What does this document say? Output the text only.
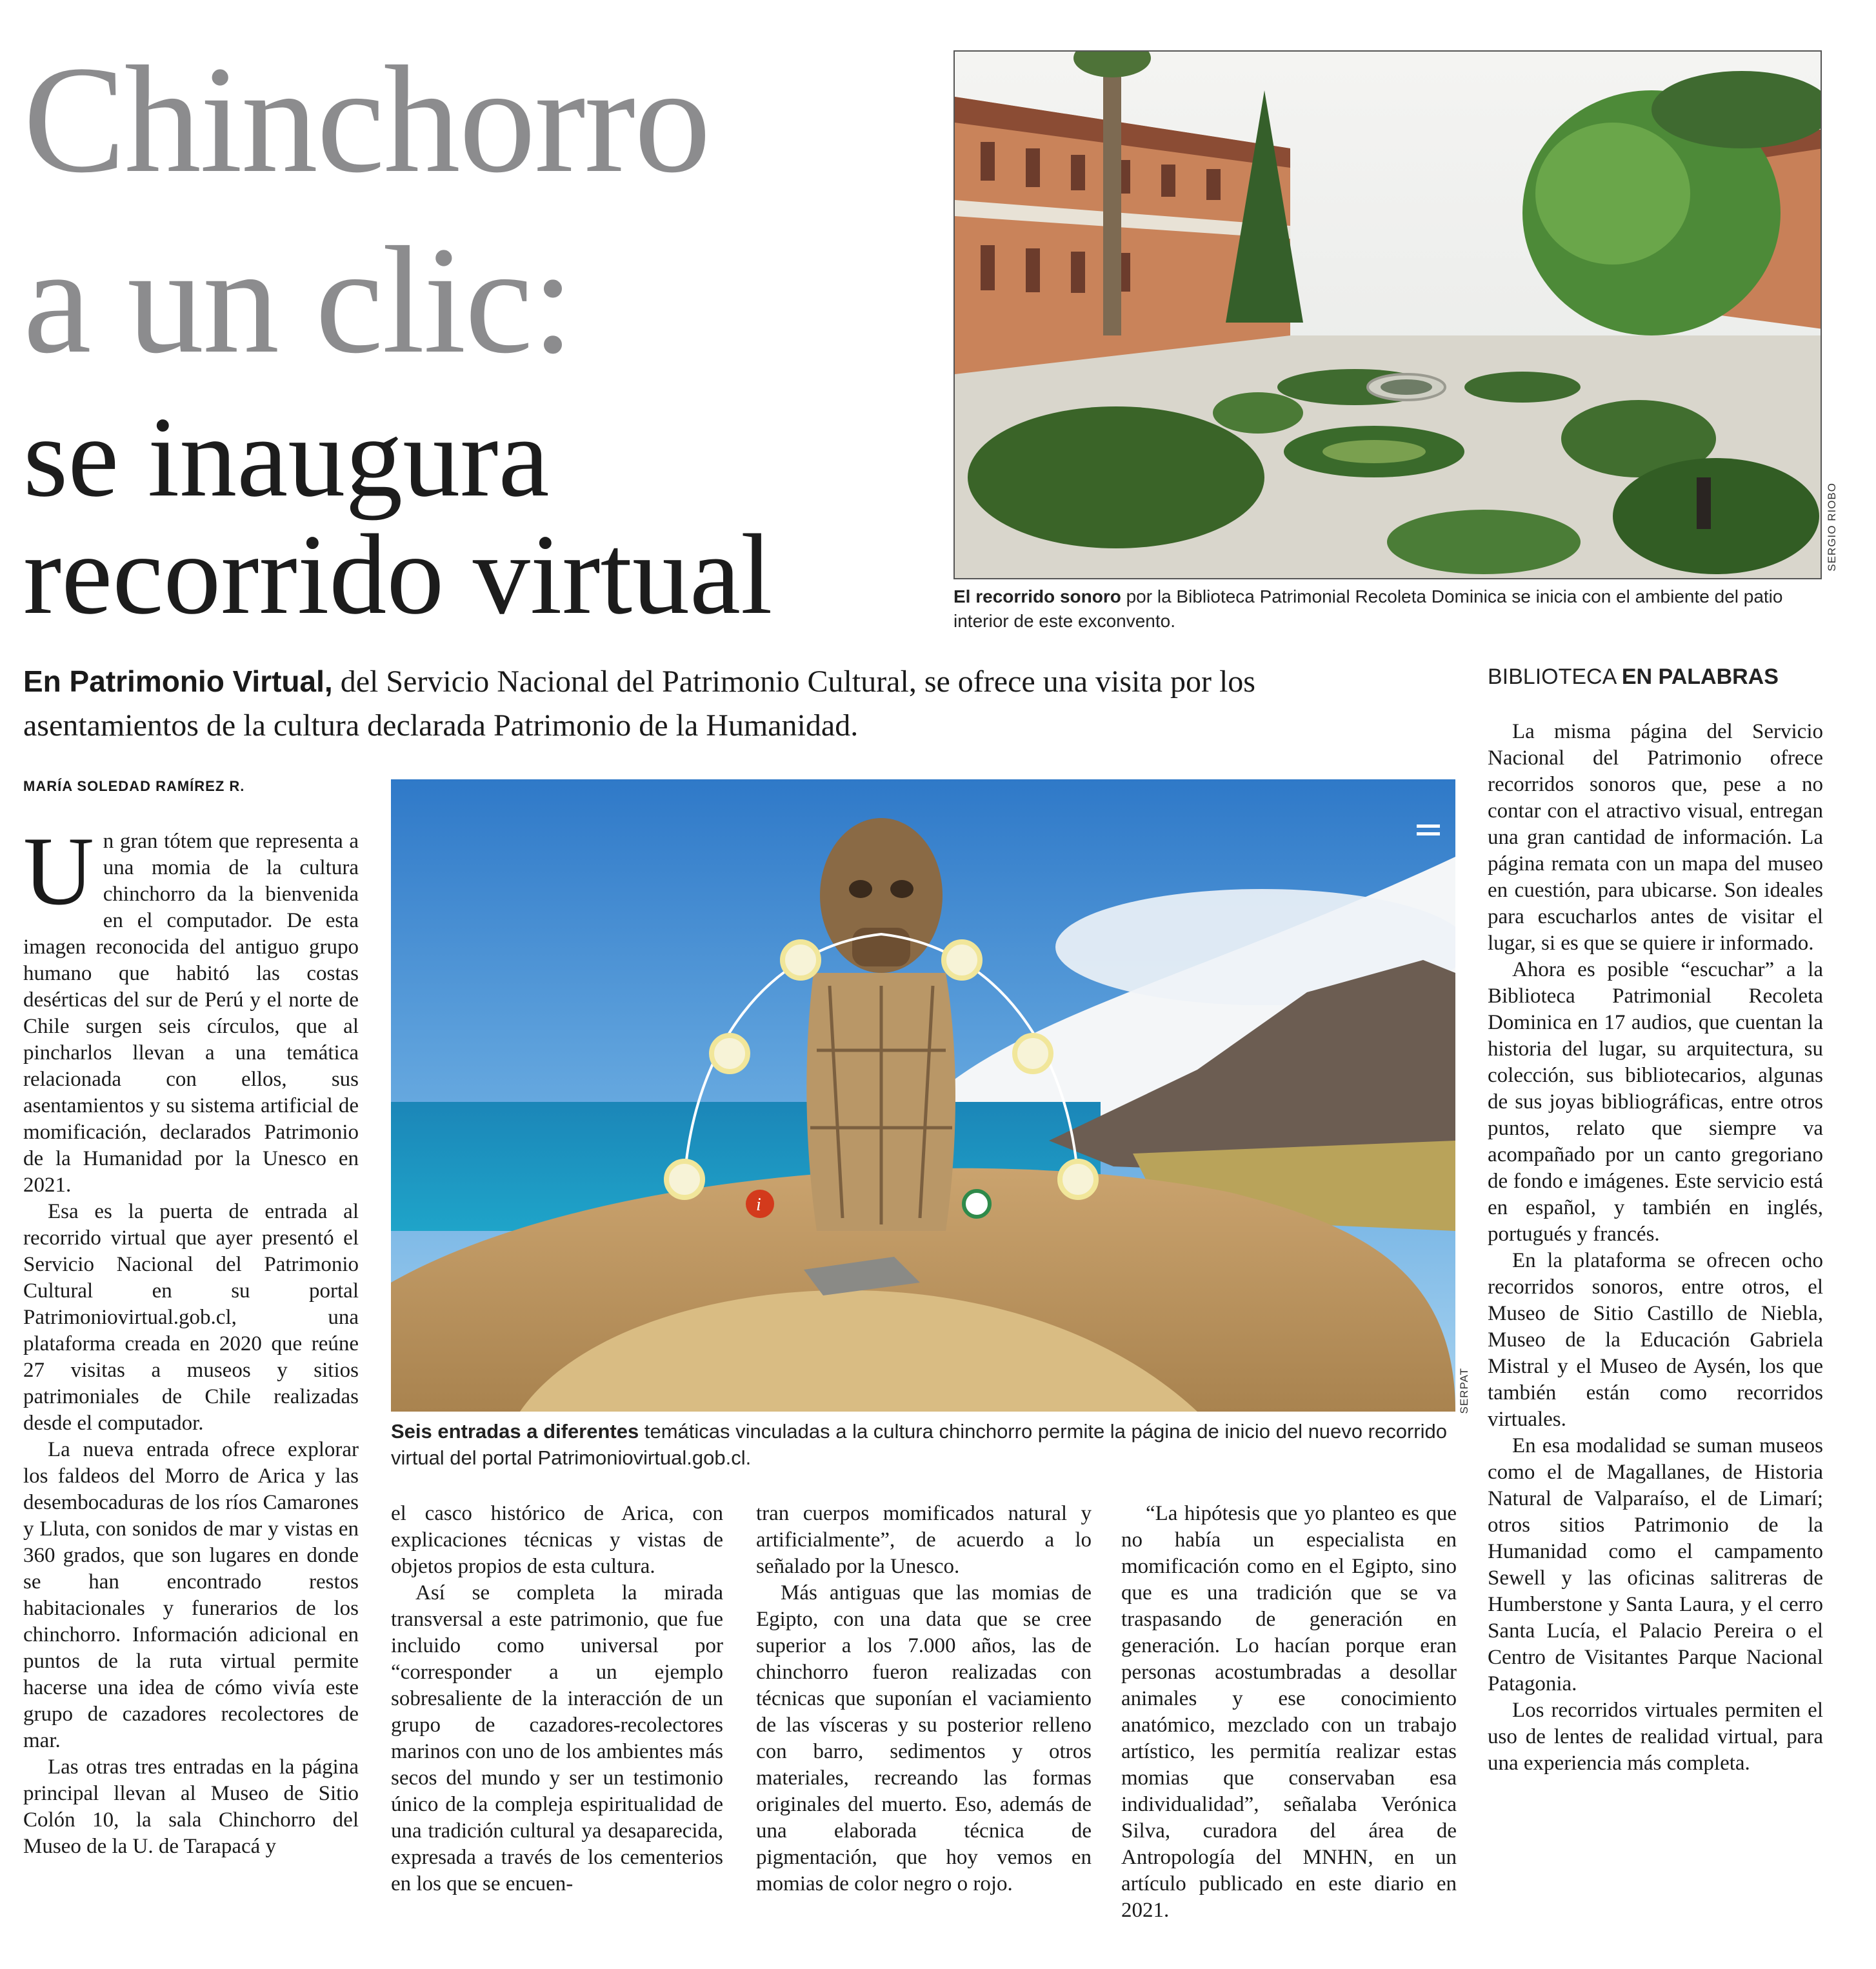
Chinchorro
a un clic:
se inaugura
recorrido virtual	SERGIO RIOBO
El recorrido sonoro por la Biblioteca Patrimonial Recoleta Dominica se inicia con el ambiente del patio interior de este exconvento.
En Patrimonio Virtual, del Servicio Nacional del Patrimonio Cultural, se ofrece una visita por los asentamientos de la cultura declarada Patrimonio de la Humanidad.
MARÍA SOLEDAD RAMÍREZ R.
i
SERPAT
Seis entradas a diferentes temáticas vinculadas a la cultura chinchorro permite la página de inicio del nuevo recorrido virtual del portal Patrimoniovirtual.gob.cl.

Un gran tótem que representa a una momia de la cultura chinchorro da la bienvenida en el computador. De esta imagen reconocida del antiguo grupo humano que habitó las costas desérticas del sur de Perú y el norte de Chile surgen seis círculos, que al pincharlos llevan a una temática relacionada con ellos, sus asentamientos y su sistema artificial de momificación, declarados Patrimonio de la Humanidad por la Unesco en 2021.

Esa es la puerta de entrada al recorrido virtual que ayer presentó el Servicio Nacional del Patrimonio Cultural en su portal Patrimoniovirtual.gob.cl, una plataforma creada en 2020 que reúne 27 visitas a museos y sitios patrimoniales de Chile realizadas desde el computador.

La nueva entrada ofrece explorar los faldeos del Morro de Arica y las desembocaduras de los ríos Camarones y Lluta, con sonidos de mar y vistas en 360 grados, que son lugares en donde se han encontrado restos habitacionales y funerarios de los chinchorro. Información adicional en puntos de la ruta virtual permite hacerse una idea de cómo vivía este grupo de cazadores recolectores de mar.

Las otras tres entradas en la página principal llevan al Museo de Sitio Colón 10, la sala Chinchorro del Museo de la U. de Tarapacá y

el casco histórico de Arica, con explicaciones técnicas y vistas de objetos propios de esta cultura.

Así se completa la mirada transversal a este patrimonio, que fue incluido como universal por “corresponder a un ejemplo sobresaliente de la interacción de un grupo de cazadores-recolectores marinos con uno de los ambientes más secos del mundo y ser un testimonio único de la compleja espiritualidad de una tradición cultural ya desaparecida, expresada a través de los cementerios en los que se encuen-

tran cuerpos momificados natural y artificialmente”, de acuerdo a lo señalado por la Unesco.

Más antiguas que las momias de Egipto, con una data que se cree superior a los 7.000 años, las de chinchorro fueron realizadas con técnicas que suponían el vaciamiento de las vísceras y su posterior relleno con barro, sedimentos y otros materiales, recreando las formas originales del muerto. Eso, además de una elaborada técnica de pigmentación, que hoy vemos en momias de color negro o rojo.

“La hipótesis que yo planteo es que no había un especialista en momificación como en el Egipto, sino que es una tradición que se va traspasando de generación en generación. Lo hacían porque eran personas acostumbradas a desollar animales y ese conocimiento anatómico, mezclado con un trabajo artístico, les permitía realizar estas momias que conservaban esa individualidad”, señalaba Verónica Silva, curadora del área de Antropología del MNHN, en un artículo publicado en este diario en 2021.

BIBLIOTECA EN PALABRAS

La misma página del Servicio Nacional del Patrimonio ofrece recorridos sonoros que, pese a no contar con el atractivo visual, entregan una gran cantidad de información. La página remata con un mapa del museo en cuestión, para ubicarse. Son ideales para escucharlos antes de visitar el lugar, si es que se quiere ir informado.

Ahora es posible “escuchar” a la Biblioteca Patrimonial Recoleta Dominica en 17 audios, que cuentan la historia del lugar, su arquitectura, su colección, sus bibliotecarios, algunas de sus joyas bibliográficas, entre otros puntos, relato que siempre va acompañado por un canto gregoriano de fondo e imágenes. Este servicio está en español, y también en inglés, portugués y francés.

En la plataforma se ofrecen ocho recorridos sonoros, entre otros, el Museo de Sitio Castillo de Niebla, Museo de la Educación Gabriela Mistral y el Museo de Aysén, los que también están como recorridos virtuales.

En esa modalidad se suman museos como el de Magallanes, de Historia Natural de Valparaíso, el de Limarí; otros sitios Patrimonio de la Humanidad como el campamento Sewell y las oficinas salitreras de Humberstone y Santa Laura, y el cerro Santa Lucía, el Palacio Pereira o el Centro de Visitantes Parque Nacional Patagonia.

Los recorridos virtuales permiten el uso de lentes de realidad virtual, para una experiencia más completa.
